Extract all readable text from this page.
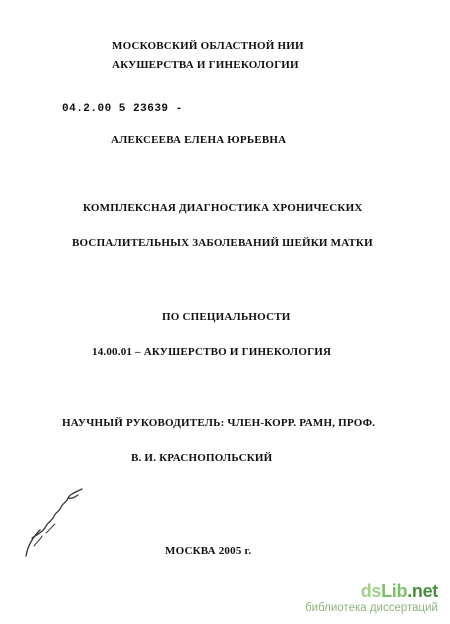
МОСКОВСКИЙ ОБЛАСТНОЙ НИИ
АКУШЕРСТВА И ГИНЕКОЛОГИИ
04.2.00 5 23639 -
АЛЕКСЕЕВА ЕЛЕНА ЮРЬЕВНА
КОМПЛЕКСНАЯ ДИАГНОСТИКА ХРОНИЧЕСКИХ
ВОСПАЛИТЕЛЬНЫХ ЗАБОЛЕВАНИЙ ШЕЙКИ МАТКИ
ПО СПЕЦИАЛЬНОСТИ
14.00.01 – АКУШЕРСТВО И ГИНЕКОЛОГИЯ
НАУЧНЫЙ РУКОВОДИТЕЛЬ: ЧЛЕН-КОРР. РАМН, ПРОФ.
В. И. КРАСНОПОЛЬСКИЙ
МОСКВА 2005 г.
dsLib.net
библиотека диссертаций
